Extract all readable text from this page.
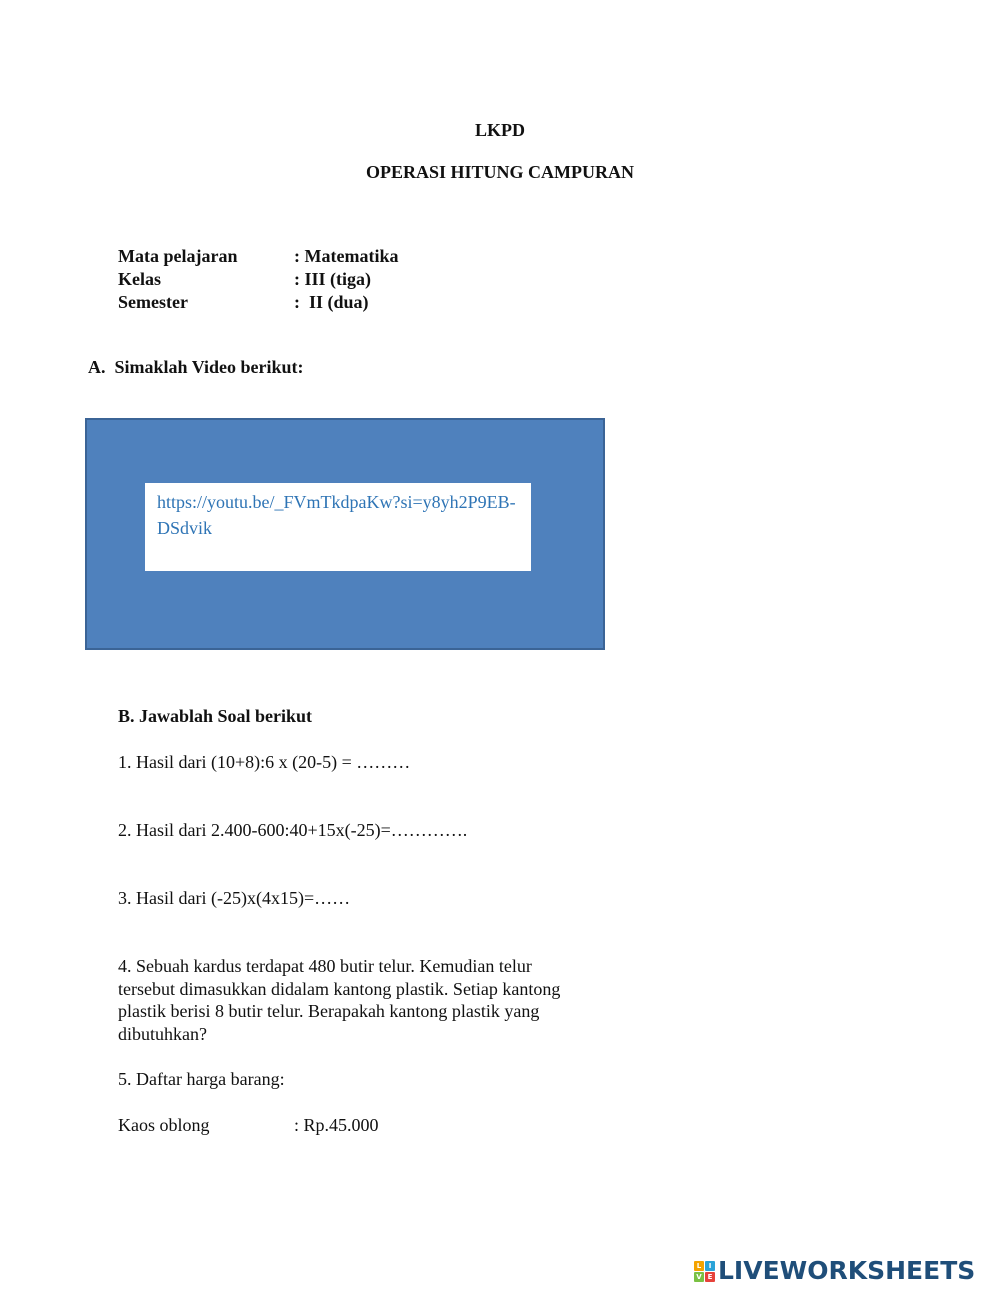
LKPD
OPERASI HITUNG CAMPURAN
Mata pelajaran	: Matematika
Kelas	: III (tiga)
Semester	:  II (dua)
A.  Simaklah Video berikut:
https://youtu.be/_FVmTkdpaKw?si=y8yh2P9EB-DSdvik
B. Jawablah Soal berikut
1. Hasil dari (10+8):6 x (20-5) = ………
2. Hasil dari 2.400-600:40+15x(-25)=………….
3. Hasil dari (-25)x(4x15)=……
4. Sebuah kardus terdapat 480 butir telur. Kemudian telur tersebut dimasukkan didalam kantong plastik. Setiap kantong plastik berisi 8 butir telur. Berapakah kantong plastik yang dibutuhkan?
5. Daftar harga barang:
Kaos oblong	: Rp.45.000
L	I
V E LIVEWORKSHEETS
